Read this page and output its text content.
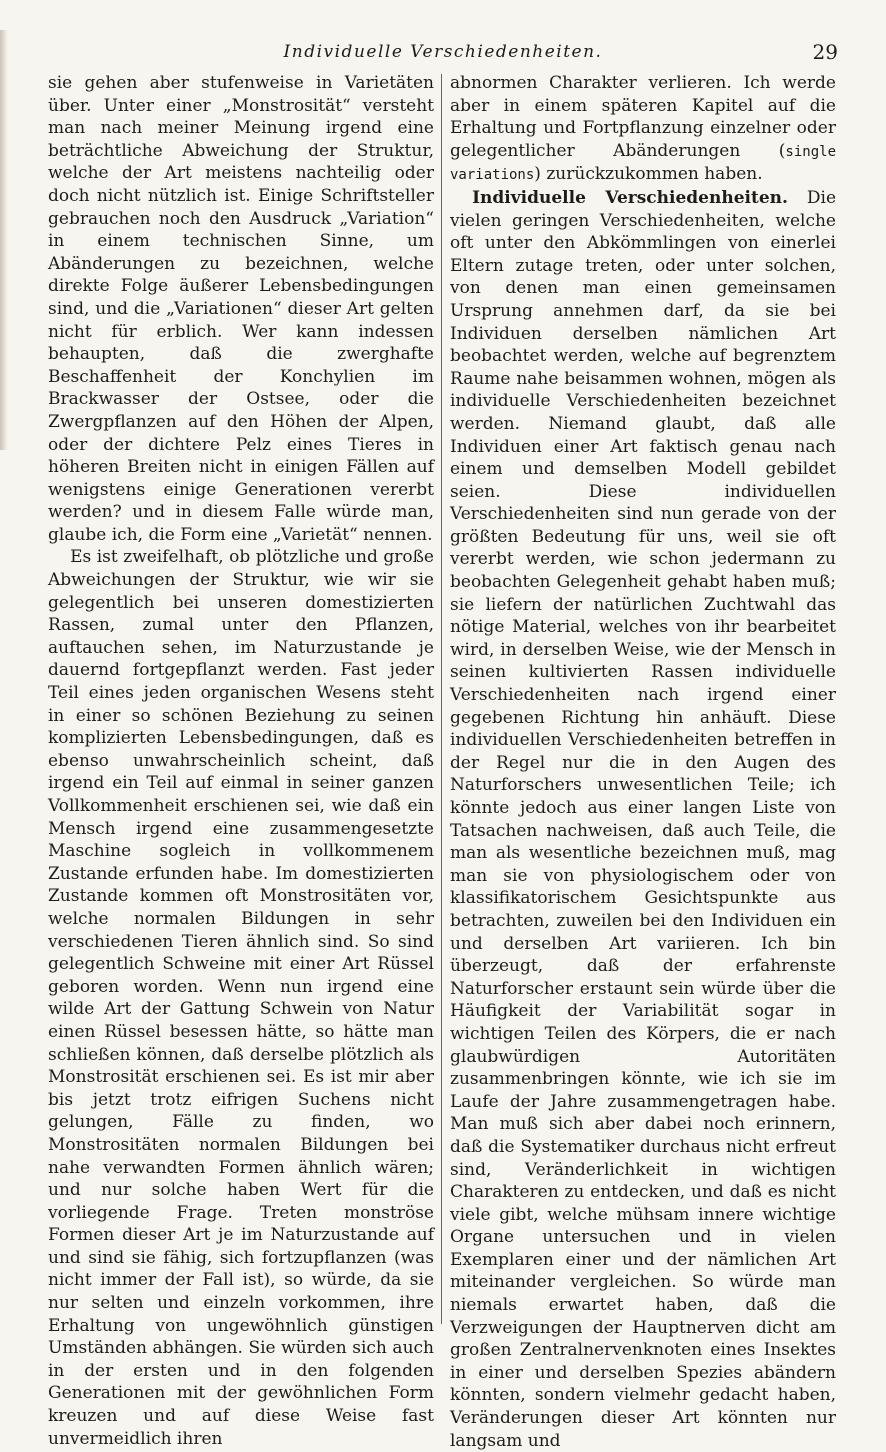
Individuelle Verschiedenheiten.	29

sie gehen aber stufenweise in Varietäten über. Unter einer „Monstrosität“ versteht man nach meiner Meinung irgend eine beträchtliche Abweichung der Struktur, welche der Art meistens nachteilig oder doch nicht nützlich ist. Einige Schriftsteller gebrauchen noch den Ausdruck „Variation“ in einem technischen Sinne, um Abänderungen zu bezeichnen, welche direkte Folge äußerer Lebensbedingungen sind, und die „Variationen“ dieser Art gelten nicht für erblich. Wer kann indessen behaupten, daß die zwerghafte Beschaffenheit der Konchylien im Brackwasser der Ostsee, oder die Zwergpflanzen auf den Höhen der Alpen, oder der dichtere Pelz eines Tieres in höheren Breiten nicht in einigen Fällen auf wenigstens einige Generationen vererbt werden? und in diesem Falle würde man, glaube ich, die Form eine „Varietät“ nennen.

Es ist zweifelhaft, ob plötzliche und große Abweichungen der Struktur, wie wir sie gelegentlich bei unseren domestizierten Rassen, zumal unter den Pflanzen, auftauchen sehen, im Naturzustande je dauernd fortgepflanzt werden. Fast jeder Teil eines jeden organischen Wesens steht in einer so schönen Beziehung zu seinen komplizierten Lebensbedingungen, daß es ebenso unwahrscheinlich scheint, daß irgend ein Teil auf einmal in seiner ganzen Vollkommenheit erschienen sei, wie daß ein Mensch irgend eine zusammengesetzte Maschine sogleich in vollkommenem Zustande erfunden habe. Im domestizierten Zustande kommen oft Monstrositäten vor, welche normalen Bildungen in sehr verschiedenen Tieren ähnlich sind. So sind gelegentlich Schweine mit einer Art Rüssel geboren worden. Wenn nun irgend eine wilde Art der Gattung Schwein von Natur einen Rüssel besessen hätte, so hätte man schließen können, daß derselbe plötzlich als Monstrosität erschienen sei. Es ist mir aber bis jetzt trotz eifrigen Suchens nicht gelungen, Fälle zu finden, wo Monstrositäten normalen Bildungen bei nahe verwandten Formen ähnlich wären; und nur solche haben Wert für die vorliegende Frage. Treten monströse Formen dieser Art je im Naturzustande auf und sind sie fähig, sich fortzupflanzen (was nicht immer der Fall ist), so würde, da sie nur selten und einzeln vorkommen, ihre Erhaltung von ungewöhnlich günstigen Umständen abhängen. Sie würden sich auch in der ersten und in den folgenden Generationen mit der gewöhnlichen Form kreuzen und auf diese Weise fast unvermeidlich ihren

abnormen Charakter verlieren. Ich werde aber in einem späteren Kapitel auf die Erhaltung und Fortpflanzung einzelner oder gelegentlicher Abänderungen (single variations) zurückzukommen haben.

Individuelle Verschiedenheiten. Die vielen geringen Verschiedenheiten, welche oft unter den Abkömmlingen von einerlei Eltern zutage treten, oder unter solchen, von denen man einen gemeinsamen Ursprung annehmen darf, da sie bei Individuen derselben nämlichen Art beobachtet werden, welche auf begrenztem Raume nahe beisammen wohnen, mögen als individuelle Verschiedenheiten bezeichnet werden. Niemand glaubt, daß alle Individuen einer Art faktisch genau nach einem und demselben Modell gebildet seien. Diese individuellen Verschiedenheiten sind nun gerade von der größten Bedeutung für uns, weil sie oft vererbt werden, wie schon jedermann zu beobachten Gelegenheit gehabt haben muß; sie liefern der natürlichen Zuchtwahl das nötige Material, welches von ihr bearbeitet wird, in derselben Weise, wie der Mensch in seinen kultivierten Rassen individuelle Verschiedenheiten nach irgend einer gegebenen Richtung hin anhäuft. Diese individuellen Verschiedenheiten betreffen in der Regel nur die in den Augen des Naturforschers unwesentlichen Teile; ich könnte jedoch aus einer langen Liste von Tatsachen nachweisen, daß auch Teile, die man als wesentliche bezeichnen muß, mag man sie von physiologischem oder von klassifikatorischem Gesichtspunkte aus betrachten, zuweilen bei den Individuen ein und derselben Art variieren. Ich bin überzeugt, daß der erfahrenste Naturforscher erstaunt sein würde über die Häufigkeit der Variabilität sogar in wichtigen Teilen des Körpers, die er nach glaubwürdigen Autoritäten zusammenbringen könnte, wie ich sie im Laufe der Jahre zusammengetragen habe. Man muß sich aber dabei noch erinnern, daß die Systematiker durchaus nicht erfreut sind, Veränderlichkeit in wichtigen Charakteren zu entdecken, und daß es nicht viele gibt, welche mühsam innere wichtige Organe untersuchen und in vielen Exemplaren einer und der nämlichen Art miteinander vergleichen. So würde man niemals erwartet haben, daß die Verzweigungen der Hauptnerven dicht am großen Zentralnervenknoten eines Insektes in einer und derselben Spezies abändern könnten, sondern vielmehr gedacht haben, Veränderungen dieser Art könnten nur langsam und
